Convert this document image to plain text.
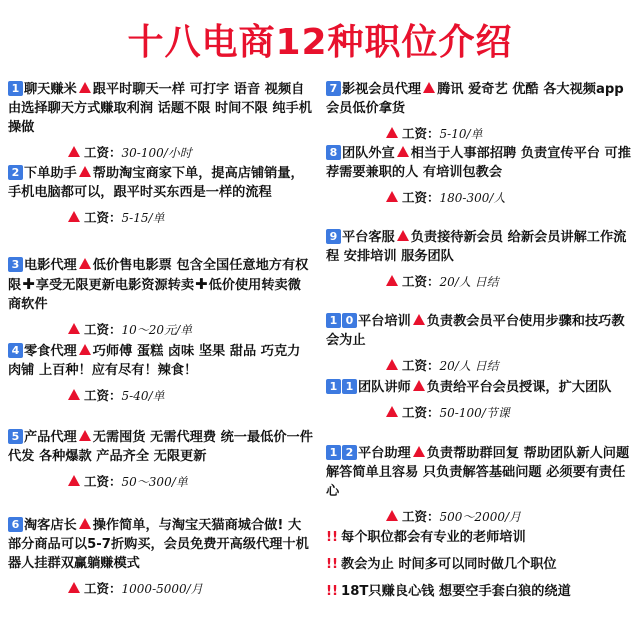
十八电商12种职位介绍
1 聊天赚米 跟平时聊天一样 可打字 语音 视频自由选择聊天方式赚取利润 话题不限 时间不限 纯手机操做
工资：30-100/小时
2 下单助手 帮助淘宝商家下单，提高店铺销量，手机电脑都可以，跟平时买东西是一样的流程
工资：5-15/单
3 电影代理 低价售电影票 包含全国任意地方有权限✚享受无限更新电影资源转卖✚低价使用转卖微商软件
工资：10～20元/单
4 零食代理 巧师傅 蛋糕 卤味 坚果 甜品 巧克力 肉铺 上百种！应有尽有！辣食！
工资：5-40/单
5 产品代理 无需囤货 无需代理费 统一最低价一件代发 各种爆款 产品齐全 无限更新
工资：50～300/单
6 淘客店长 操作简单，与淘宝天猫商城合做! 大部分商品可以5-7折购买，会员免费开高级代理十机器人挂群双赢躺赚模式
工资：1000-5000/月
7 影视会员代理 腾讯 爱奇艺 优酷 各大视频app会员低价拿货
工资：5-10/单
8 团队外宣 相当于人事部招聘 负责宣传平台 可推荐需要兼职的人 有培训包教会
工资：180-300/人
9 平台客服 负责接待新会员 给新会员讲解工作流程 安排培训 服务团队
工资：20/人 日结
1 0 平台培训 负责教会员平台使用步骤和技巧教会为止
工资：20/人 日结
1 1 团队讲师 负责给平台会员授课，扩大团队
工资：50-100/节课
1 2 平台助理 负责帮助群回复 帮助团队新人问题解答简单且容易 只负责解答基础问题 必须要有责任心
工资：500～2000/月
!! 每个职位都会有专业的老师培训
!! 教会为止 时间多可以同时做几个职位
!! 18T只赚良心钱 想要空手套白狼的绕道
